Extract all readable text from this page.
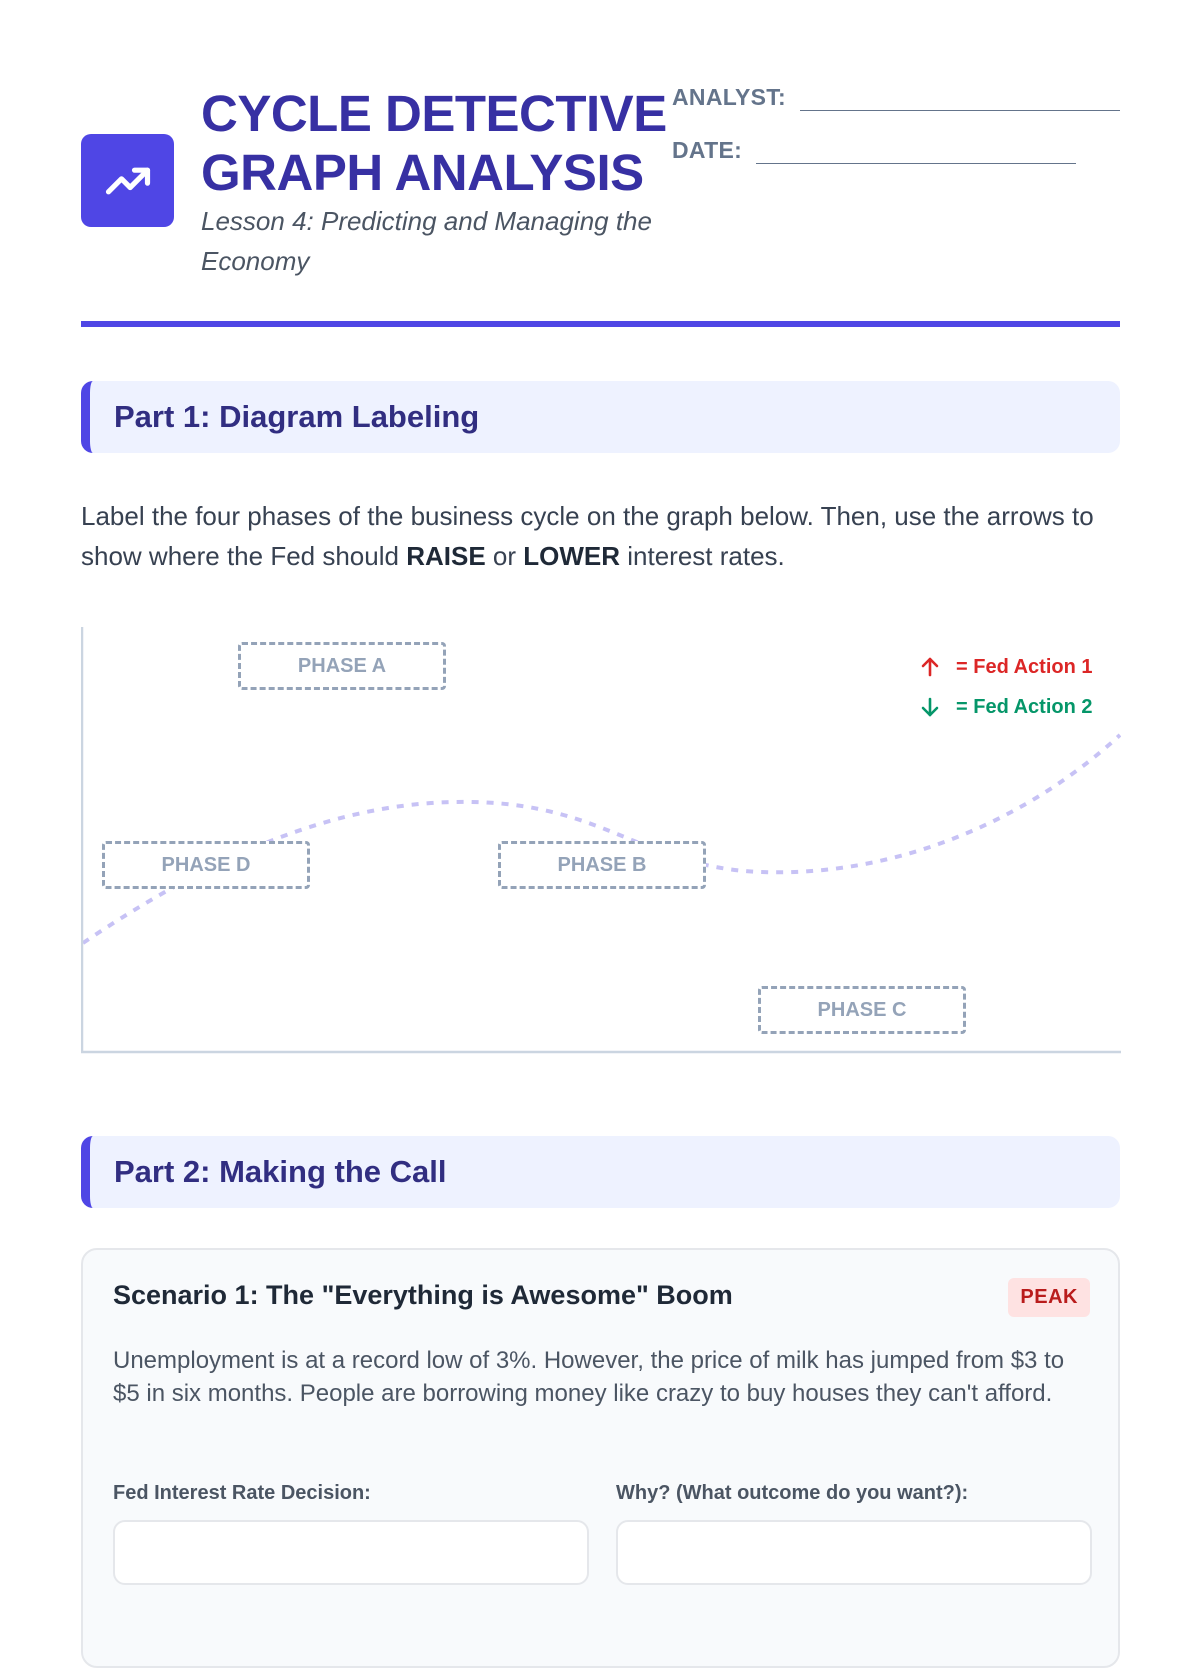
CYCLE DETECTIVE
GRAPH ANALYSIS

Lesson 4: Predicting and Managing the Economy

ANALYST:
DATE:
Part 1: Diagram Labeling

Label the four phases of the business cycle on the graph below. Then, use the arrows to show where the Fed should RAISE or LOWER interest rates.

PHASE A
PHASE D	PHASE B
PHASE C
= Fed Action 1
= Fed Action 2
Part 2: Making the Call
Scenario 1: The "Everything is Awesome" Boom	PEAK

Unemployment is at a record low of 3%. However, the price of milk has jumped from $3 to $5 in six months. People are borrowing money like crazy to buy houses they can't afford.

Fed Interest Rate Decision:	Why? (What outcome do you want?):
